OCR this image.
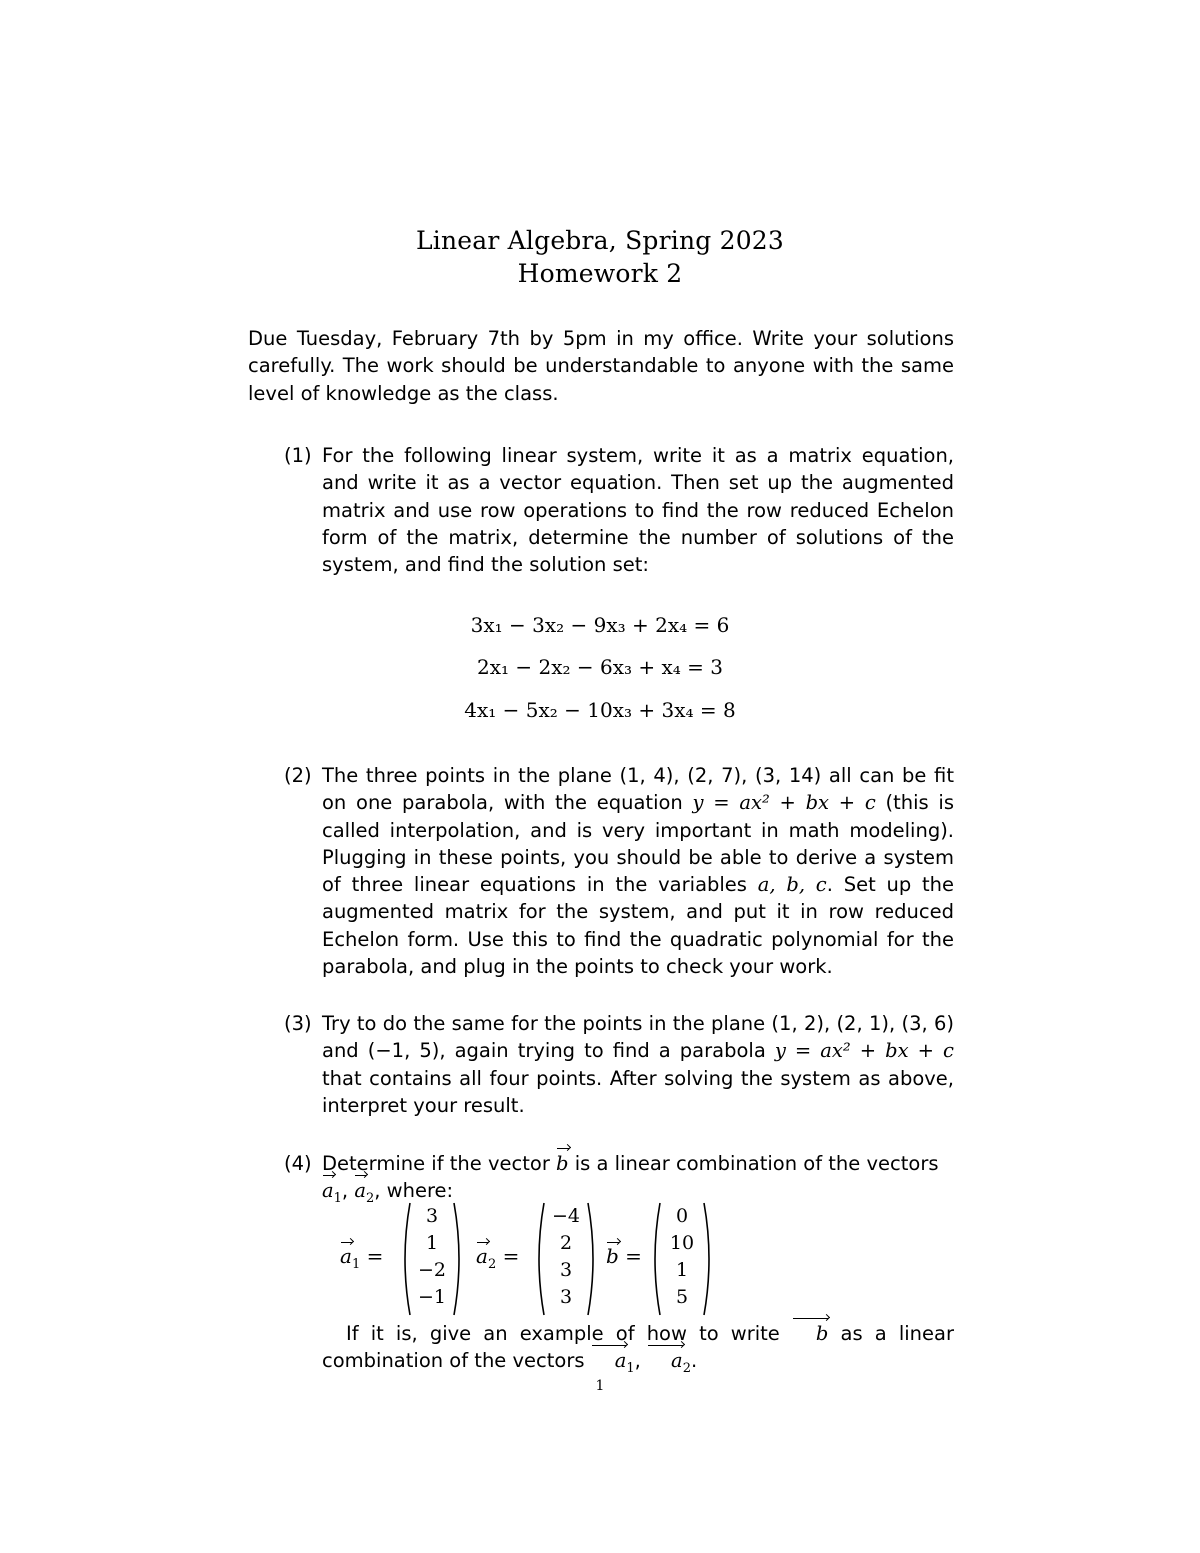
Linear Algebra, Spring 2023
Homework 2
Due Tuesday, February 7th by 5pm in my office. Write your solutions carefully. The work should be understandable to anyone with the same level of knowledge as the class.
(1) For the following linear system, write it as a matrix equation, and write it as a vector equation. Then set up the augmented matrix and use row operations to find the row reduced Echelon form of the matrix, determine the number of solutions of the system, and find the solution set:
3x₁ − 3x₂ − 9x₃ + 2x₄ = 6
2x₁ − 2x₂ − 6x₃ + x₄ = 3
4x₁ − 5x₂ − 10x₃ + 3x₄ = 8
(2) The three points in the plane (1, 4), (2, 7), (3, 14) all can be fit on one parabola, with the equation y = ax² + bx + c (this is called interpolation, and is very important in math modeling). Plugging in these points, you should be able to derive a system of three linear equations in the variables a, b, c. Set up the augmented matrix for the system, and put it in row reduced Echelon form. Use this to find the quadratic polynomial for the parabola, and plug in the points to check your work.
(3) Try to do the same for the points in the plane (1, 2), (2, 1), (3, 6) and (−1, 5), again trying to find a parabola y = ax² + bx + c that contains all four points. After solving the system as above, interpret your result.
(4) Determine if the vector b is a linear combination of the vectors
$a_1$, $a_2$, where:
$a_1$ =
3
1
−2
−1
$a_2$ =
−4
2
3
3
b =
0
10
1
5
If it is, give an example of how to write b as a linear combination of the vectors $a_1$, $a_2$.
1
